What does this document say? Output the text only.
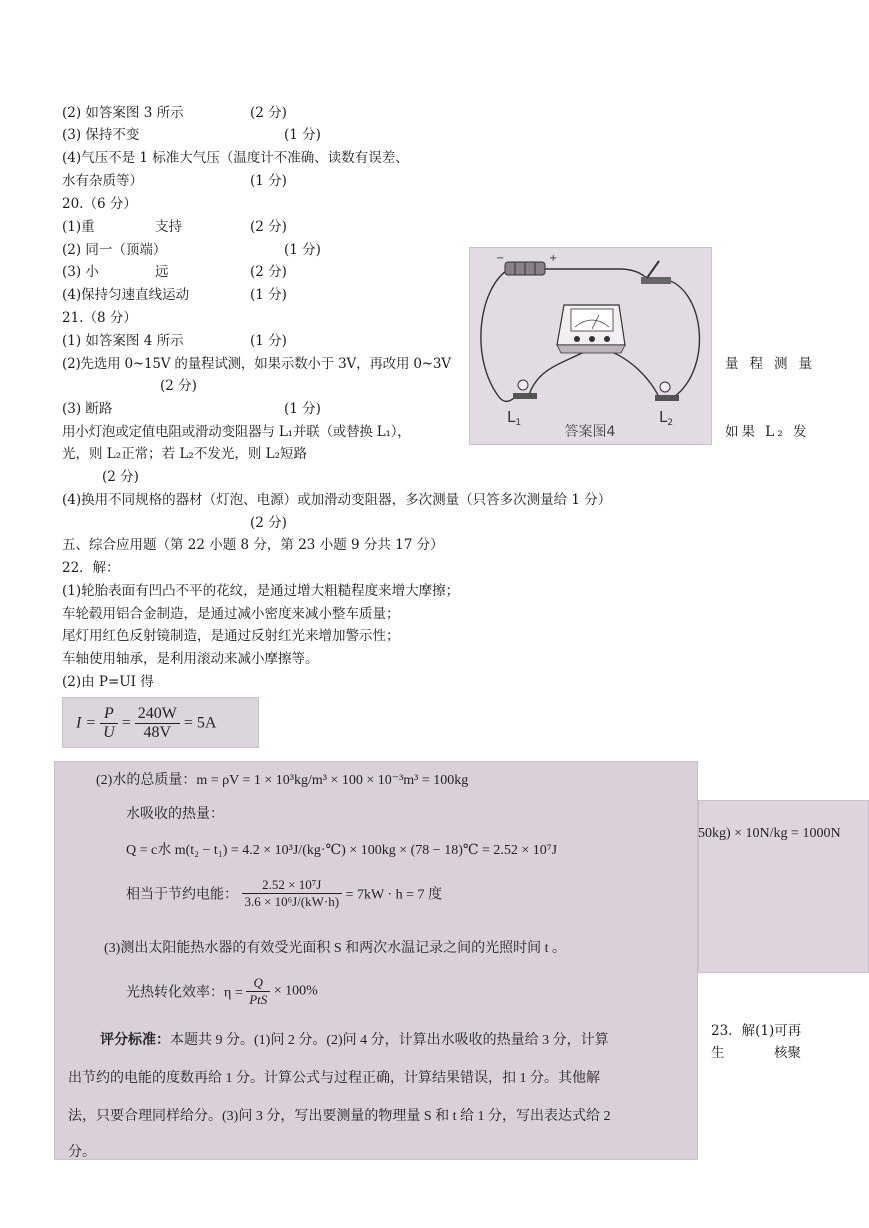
(2) 如答案图 3 所示	(2 分)
(3) 保持不变	(1 分)
(4)气压不是 1 标准大气压（温度计不准确、读数有误差、
水有杂质等）	(1 分)
20.（6 分）
(1)重	支持	(2 分)
(2) 同一（顶端）	(1 分)
(3) 小	远	(2 分)
(4)保持匀速直线运动	(1 分)
21.（8 分）
(1) 如答案图 4 所示	(1 分)
(2)先选用 0~15V 的量程试测，如果示数小于 3V，再改用 0~3V	量程测量
(2 分)
(3) 断路	(1 分)
用小灯泡或定值电阻或滑动变阻器与 L₁并联（或替换 L₁），	如果 L₂ 发
光，则 L₂正常；若 L₂不发光，则 L₂短路
(2 分)
(4)换用不同规格的器材（灯泡、电源）或加滑动变阻器，多次测量（只答多次测量给 1 分）
(2 分)
−	+
$L_1$	$L_2$
答案图4
五、综合应用题（第 22 小题 8 分，第 23 小题 9 分共 17 分）
22．解：
(1)轮胎表面有凹凸不平的花纹，是通过增大粗糙程度来增大摩擦；
车轮毂用铝合金制造，是通过减小密度来减小整车质量；
尾灯用红色反射镜制造，是通过反射红光来增加警示性；
车轴使用轴承，是利用滚动来减小摩擦等。
(2)由 P=UI 得
$I = \frac{P}{U} = \frac{240W}{48V} = 5A$
(2)水的总质量：m = ρV = 1 × 10³kg/m³ × 100 × 10⁻³m³ = 100kg
水吸收的热量：
Q = c水 m(t₂ − t₁) = 4.2 × 10³J/(kg·℃) × 100kg × (78 − 18)℃ = 2.52 × 10⁷J
相当于节约电能： $\frac{\text{2.52 × 10⁷J}}{\text{3.6 × 10⁶J/(kW·h)}} = 7kW \cdot h = 7$ 度
(3)测出太阳能热水器的有效受光面积 S 和两次水温记录之间的光照时间 t 。
光热转化效率：$\eta = \frac{Q}{\text{PtS}} \times 100\%$
评分标准：本题共 9 分。(1)问 2 分。(2)问 4 分，计算出水吸收的热量给 3 分，计算
出节约的电能的度数再给 1 分。计算公式与过程正确，计算结果错误，扣 1 分。其他解
法，只要合理同样给分。(3)问 3 分，写出要测量的物理量 S 和 t 给 1 分，写出表达式给 2
分。
50kg) × 10N/kg = 1000N
23．解(1)可再
生	核聚
